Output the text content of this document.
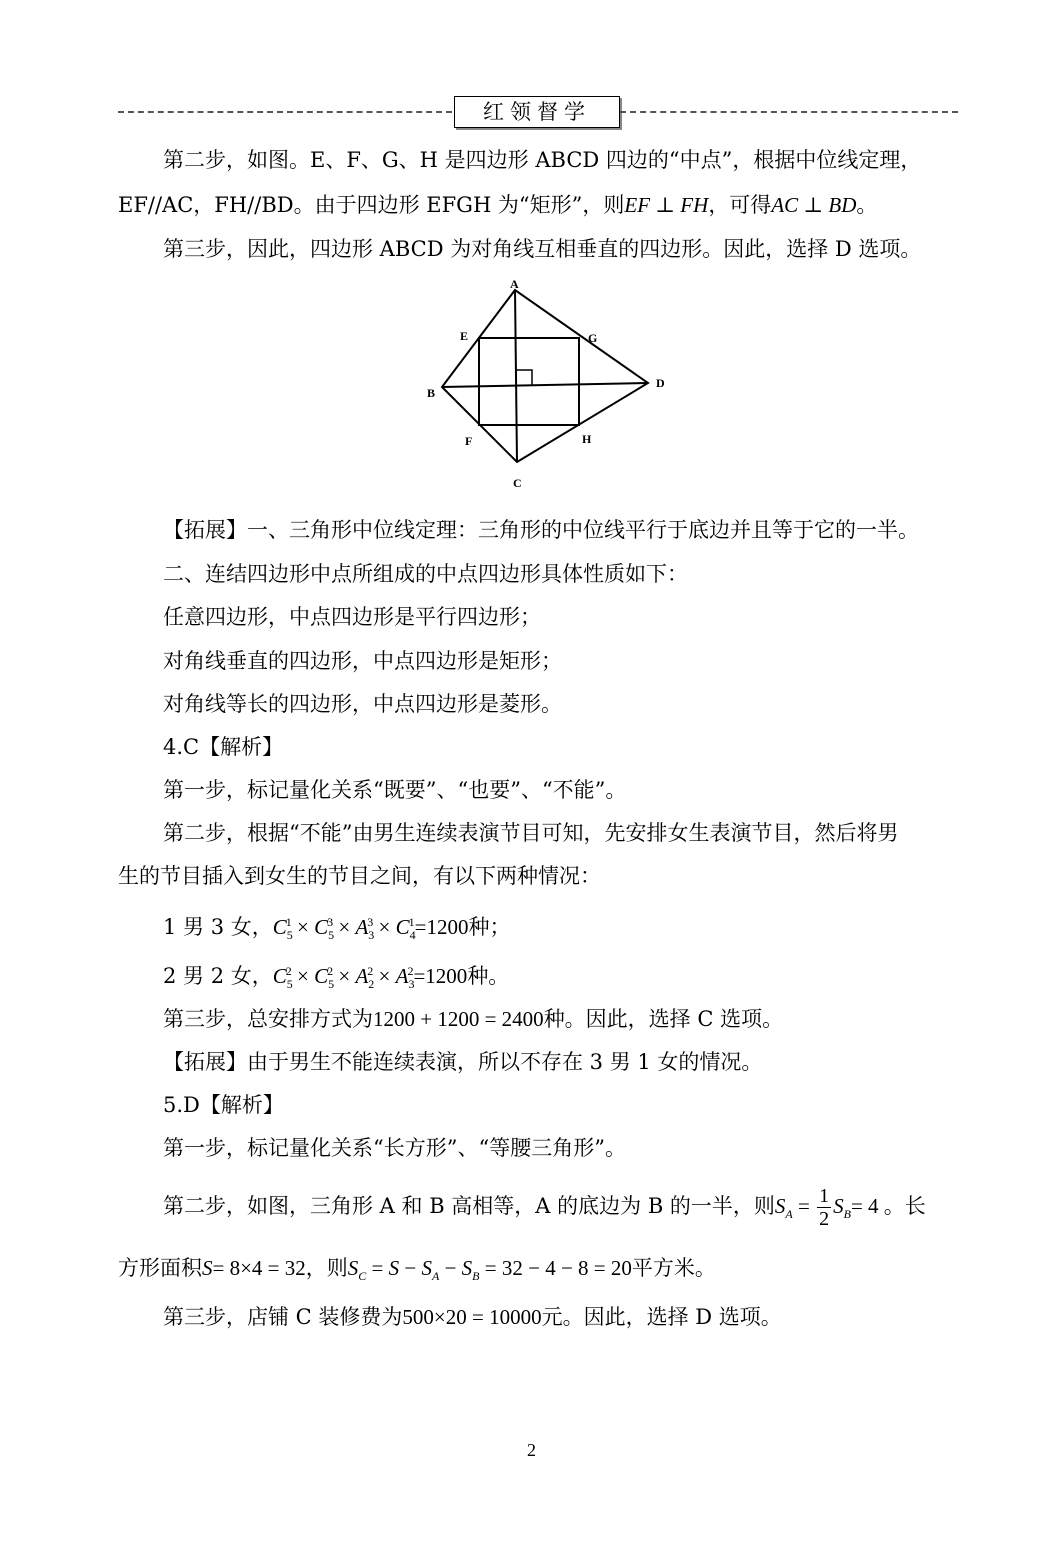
红领督学
第二步，如图。E、F、G、H 是四边形 ABCD 四边的“中点”，根据中位线定理，
EF//AC，FH//BD。由于四边形 EFGH 为“矩形”，则EF ⊥ FH，可得AC ⊥ BD。
第三步，因此，四边形 ABCD 为对角线互相垂直的四边形。因此，选择 D 选项。
A
B
C
D
E
F
G
H
【拓展】一、三角形中位线定理：三角形的中位线平行于底边并且等于它的一半。
二、连结四边形中点所组成的中点四边形具体性质如下：
任意四边形，中点四边形是平行四边形；
对角线垂直的四边形，中点四边形是矩形；
对角线等长的四边形，中点四边形是菱形。
4.C【解析】
第一步，标记量化关系“既要”、“也要”、“不能”。
第二步，根据“不能”由男生连续表演节目可知，先安排女生表演节目，然后将男
生的节目插入到女生的节目之间，有以下两种情况：
1 男 3 女，$C_5^1 \times C_5^3 \times A_3^3 \times C_4^1=1200$种；
2 男 2 女，$C_5^2 \times C_5^2 \times A_2^2 \times A_3^2=1200$种。
第三步，总安排方式为1200 + 1200 = 2400种。因此，选择 C 选项。
【拓展】由于男生不能连续表演，所以不存在 3 男 1 女的情况。
5.D【解析】
第一步，标记量化关系“长方形”、“等腰三角形”。
第二步，如图，三角形 A 和 B 高相等，A 的底边为 B 的一半，则$S_A = \frac{1}{2} S_B= 4$ 。长
方形面积S= 8×4 = 32，则$S_C = S - S_A - S_B = 32 - 4 - 8 = 20$平方米。
第三步，店铺 C 装修费为500×20 = 10000元。因此，选择 D 选项。
2
